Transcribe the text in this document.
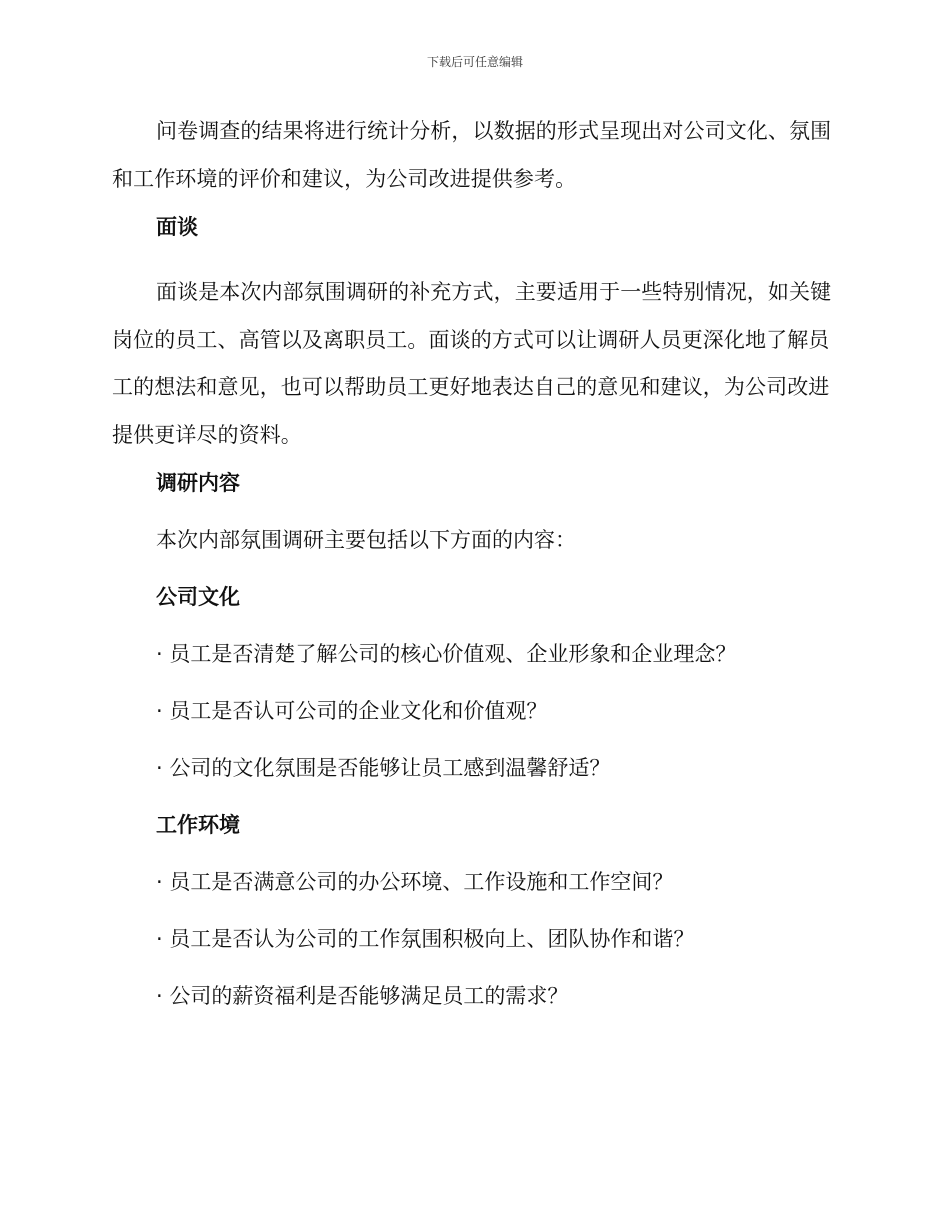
下载后可任意编辑

问卷调查的结果将进行统计分析，以数据的形式呈现出对公司文化、氛围和工作环境的评价和建议，为公司改进提供参考。

面谈

面谈是本次内部氛围调研的补充方式，主要适用于一些特别情况，如关键岗位的员工、高管以及离职员工。面谈的方式可以让调研人员更深化地了解员工的想法和意见，也可以帮助员工更好地表达自己的意见和建议，为公司改进提供更详尽的资料。

调研内容
本次内部氛围调研主要包括以下方面的内容：
公司文化
· 员工是否清楚了解公司的核心价值观、企业形象和企业理念？
· 员工是否认可公司的企业文化和价值观？
· 公司的文化氛围是否能够让员工感到温馨舒适？
工作环境
· 员工是否满意公司的办公环境、工作设施和工作空间？
· 员工是否认为公司的工作氛围积极向上、团队协作和谐？
· 公司的薪资福利是否能够满足员工的需求？
